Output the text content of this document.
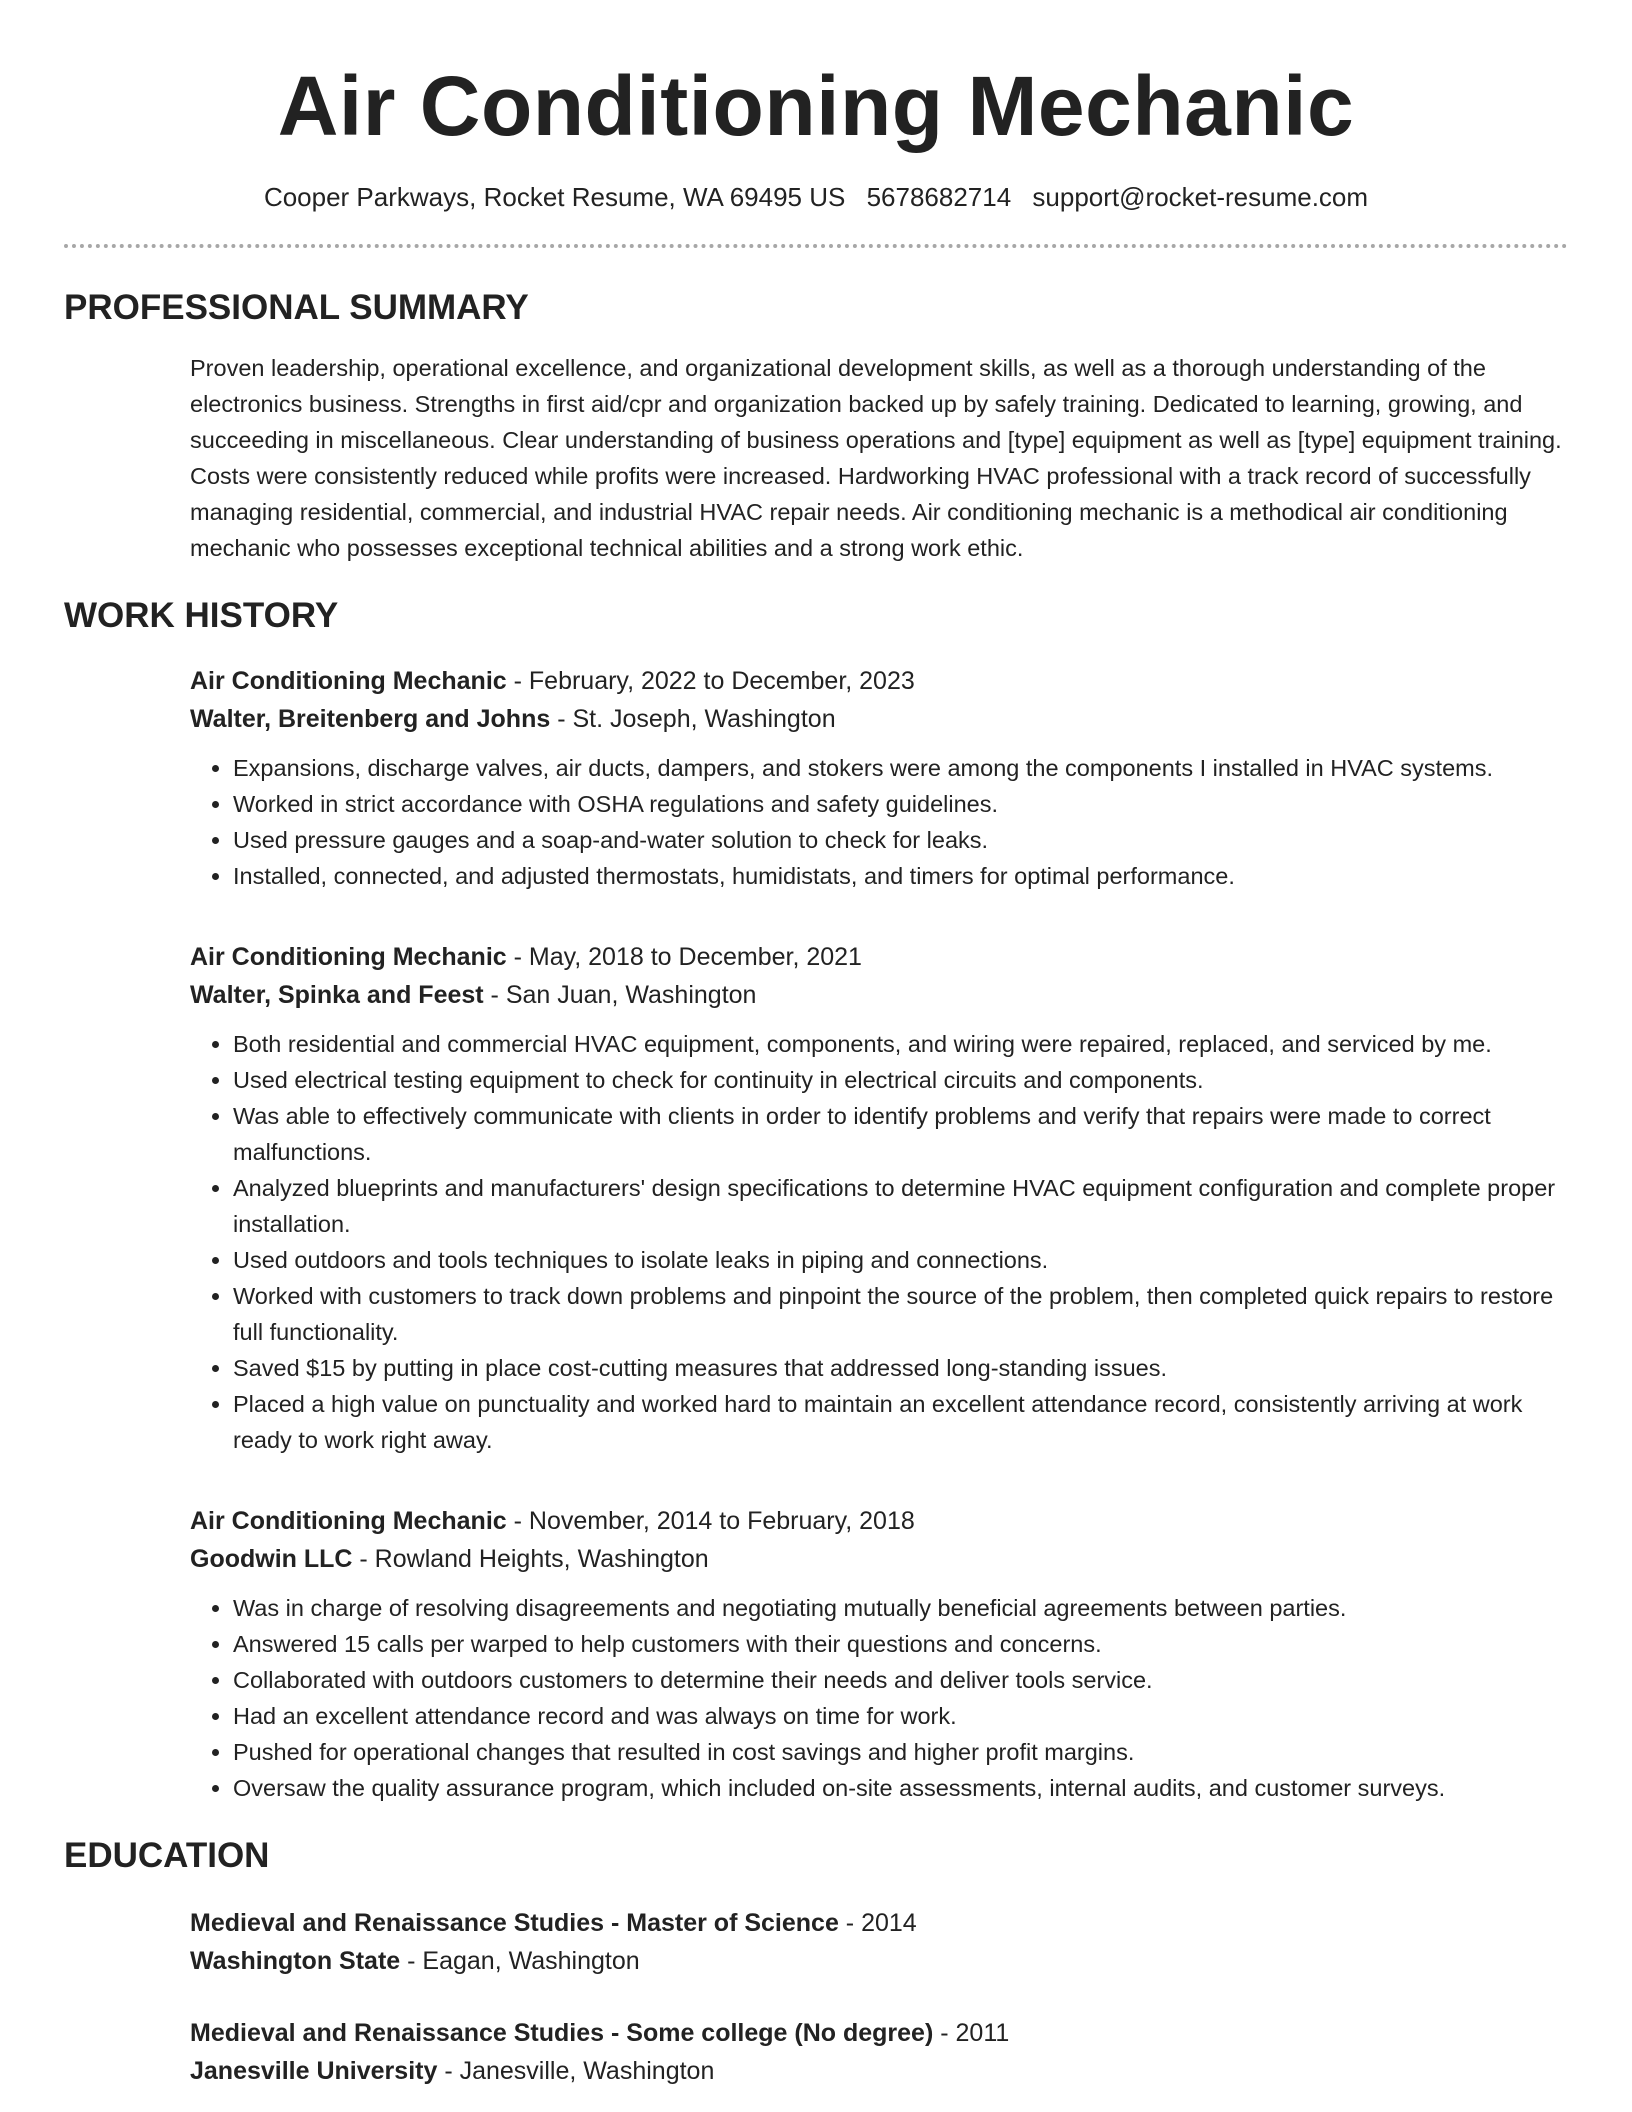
Air Conditioning Mechanic
Cooper Parkways, Rocket Resume, WA 69495 US 5678682714 support@rocket-resume.com
PROFESSIONAL SUMMARY
Proven leadership, operational excellence, and organizational development skills, as well as a thorough understanding of the electronics business. Strengths in first aid/cpr and organization backed up by safely training. Dedicated to learning, growing, and succeeding in miscellaneous. Clear understanding of business operations and [type] equipment as well as [type] equipment training. Costs were consistently reduced while profits were increased. Hardworking HVAC professional with a track record of successfully managing residential, commercial, and industrial HVAC repair needs. Air conditioning mechanic is a methodical air conditioning mechanic who possesses exceptional technical abilities and a strong work ethic.
WORK HISTORY
Air Conditioning Mechanic - February, 2022 to December, 2023
Walter, Breitenberg and Johns - St. Joseph, Washington
• Expansions, discharge valves, air ducts, dampers, and stokers were among the components I installed in HVAC systems.
• Worked in strict accordance with OSHA regulations and safety guidelines.
• Used pressure gauges and a soap-and-water solution to check for leaks.
• Installed, connected, and adjusted thermostats, humidistats, and timers for optimal performance.
Air Conditioning Mechanic - May, 2018 to December, 2021
Walter, Spinka and Feest - San Juan, Washington
• Both residential and commercial HVAC equipment, components, and wiring were repaired, replaced, and serviced by me.
• Used electrical testing equipment to check for continuity in electrical circuits and components.
• Was able to effectively communicate with clients in order to identify problems and verify that repairs were made to correct malfunctions.
• Analyzed blueprints and manufacturers' design specifications to determine HVAC equipment configuration and complete proper installation.
• Used outdoors and tools techniques to isolate leaks in piping and connections.
• Worked with customers to track down problems and pinpoint the source of the problem, then completed quick repairs to restore full functionality.
• Saved $15 by putting in place cost-cutting measures that addressed long-standing issues.
• Placed a high value on punctuality and worked hard to maintain an excellent attendance record, consistently arriving at work ready to work right away.
Air Conditioning Mechanic - November, 2014 to February, 2018
Goodwin LLC - Rowland Heights, Washington
• Was in charge of resolving disagreements and negotiating mutually beneficial agreements between parties.
• Answered 15 calls per warped to help customers with their questions and concerns.
• Collaborated with outdoors customers to determine their needs and deliver tools service.
• Had an excellent attendance record and was always on time for work.
• Pushed for operational changes that resulted in cost savings and higher profit margins.
• Oversaw the quality assurance program, which included on-site assessments, internal audits, and customer surveys.
EDUCATION
Medieval and Renaissance Studies - Master of Science - 2014
Washington State - Eagan, Washington
Medieval and Renaissance Studies - Some college (No degree) - 2011
Janesville University - Janesville, Washington
